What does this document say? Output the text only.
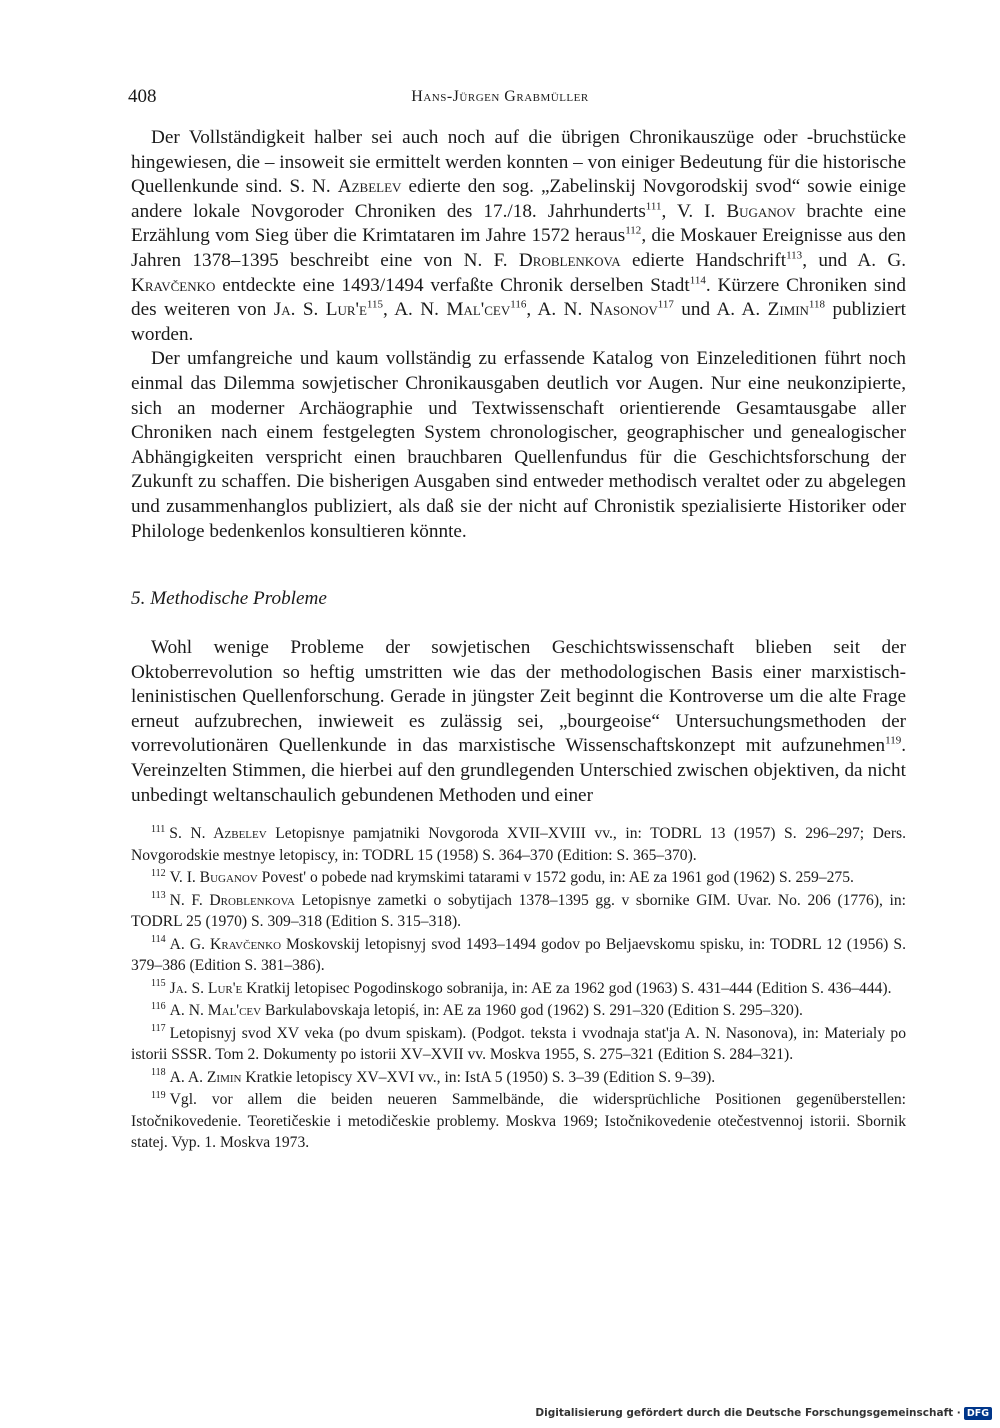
408	Hans-Jürgen Grabmüller

Der Vollständigkeit halber sei auch noch auf die übrigen Chronikauszüge oder -bruchstücke hingewiesen, die – insoweit sie ermittelt werden konnten – von einiger Bedeutung für die historische Quellenkunde sind. S. N. Azbelev edierte den sog. „Zabelinskij Novgorodskij svod“ sowie einige andere lokale Novgoroder Chroniken des 17./18. Jahrhunderts$^{111}$, V. I. Buganov brachte eine Erzählung vom Sieg über die Krimtataren im Jahre 1572 heraus$^{112}$, die Moskauer Ereignisse aus den Jahren 1378–1395 beschreibt eine von N. F. Droblenkova edierte Handschrift$^{113}$, und A. G. Kravčenko entdeckte eine 1493/1494 verfaßte Chronik derselben Stadt$^{114}$. Kürzere Chroniken sind des weiteren von Ja. S. $Lur'e^{115}$, A. N. Mal'cev$^{116}$, A. N. Nasonov$^{117}$ und A. A. Zimin$^{118}$ publiziert worden.

Der umfangreiche und kaum vollständig zu erfassende Katalog von Einzeleditionen führt noch einmal das Dilemma sowjetischer Chronikausgaben deutlich vor Augen. Nur eine neukonzipierte, sich an moderner Archäographie und Textwissenschaft orientierende Gesamtausgabe aller Chroniken nach einem festgelegten System chronologischer, geographischer und genealogischer Abhängigkeiten verspricht einen brauchbaren Quellenfundus für die Geschichtsforschung der Zukunft zu schaffen. Die bisherigen Ausgaben sind entweder methodisch veraltet oder zu abgelegen und zusammenhanglos publiziert, als daß sie der nicht auf Chronistik spezialisierte Historiker oder Philologe bedenkenlos konsultieren könnte.

5. Methodische Probleme

Wohl wenige Probleme der sowjetischen Geschichtswissenschaft blieben seit der Oktoberrevolution so heftig umstritten wie das der methodologischen Basis einer marxistisch-leninistischen Quellenforschung. Gerade in jüngster Zeit beginnt die Kontroverse um die alte Frage erneut aufzubrechen, inwieweit es zulässig sei, „bourgeoise“ Untersuchungsmethoden der vorrevolutionären Quellenkunde in das marxistische Wissenschaftskonzept mit aufzunehmen$^{119}$. Vereinzelten Stimmen, die hierbei auf den grundlegenden Unterschied zwischen objektiven, da nicht unbedingt weltanschaulich gebundenen Methoden und einer

$^{111}$ S. N. Azbelev Letopisnye pamjatniki Novgoroda XVII–XVIII vv., in: TODRL 13 (1957) S. 296–297; Ders. Novgorodskie mestnye letopiscy, in: TODRL 15 (1958) S. 364–370 (Edition: S. 365–370).
$^{112}$ V. I. Buganov Povest' o pobede nad krymskimi tatarami v 1572 godu, in: AE za 1961 god (1962) S. 259–275.
$^{113}$ N. F. Droblenkova Letopisnye zametki o sobytijach 1378–1395 gg. v sbornike GIM. Uvar. No. 206 (1776), in: TODRL 25 (1970) S. 309–318 (Edition S. 315–318).
$^{114}$ A. G. Kravčenko Moskovskij letopisnyj svod 1493–1494 godov po Beljaevskomu spisku, in: TODRL 12 (1956) S. 379–386 (Edition S. 381–386).
$^{115}$ Ja. S. Lur'e Kratkij letopisec Pogodinskogo sobranija, in: AE za 1962 god (1963) S. 431–444 (Edition S. 436–444).
$^{116}$ A. N. Mal'cev Barkulabovskaja letopiś, in: AE za 1960 god (1962) S. 291–320 (Edition S. 295–320).
$^{117}$ Letopisnyj svod XV veka (po dvum spiskam). (Podgot. teksta i vvodnaja stat'ja A. N. Nasonova), in: Materialy po istorii SSSR. Tom 2. Dokumenty po istorii XV–XVII vv. Moskva 1955, S. 275–321 (Edition S. 284–321).
$^{118}$ A. A. Zimin Kratkie letopiscy XV–XVI vv., in: IstA 5 (1950) S. 3–39 (Edition S. 9–39).
$^{119}$ Vgl. vor allem die beiden neueren Sammelbände, die widersprüchliche Positionen gegenüberstellen: Istočnikovedenie. Teoretičeskie i metodičeskie problemy. Moskva 1969; Istočnikovedenie otečestvennoj istorii. Sbornik statej. Vyp. 1. Moskva 1973.
Digitalisierung gefördert durch die Deutsche Forschungsgemeinschaft · DFG
